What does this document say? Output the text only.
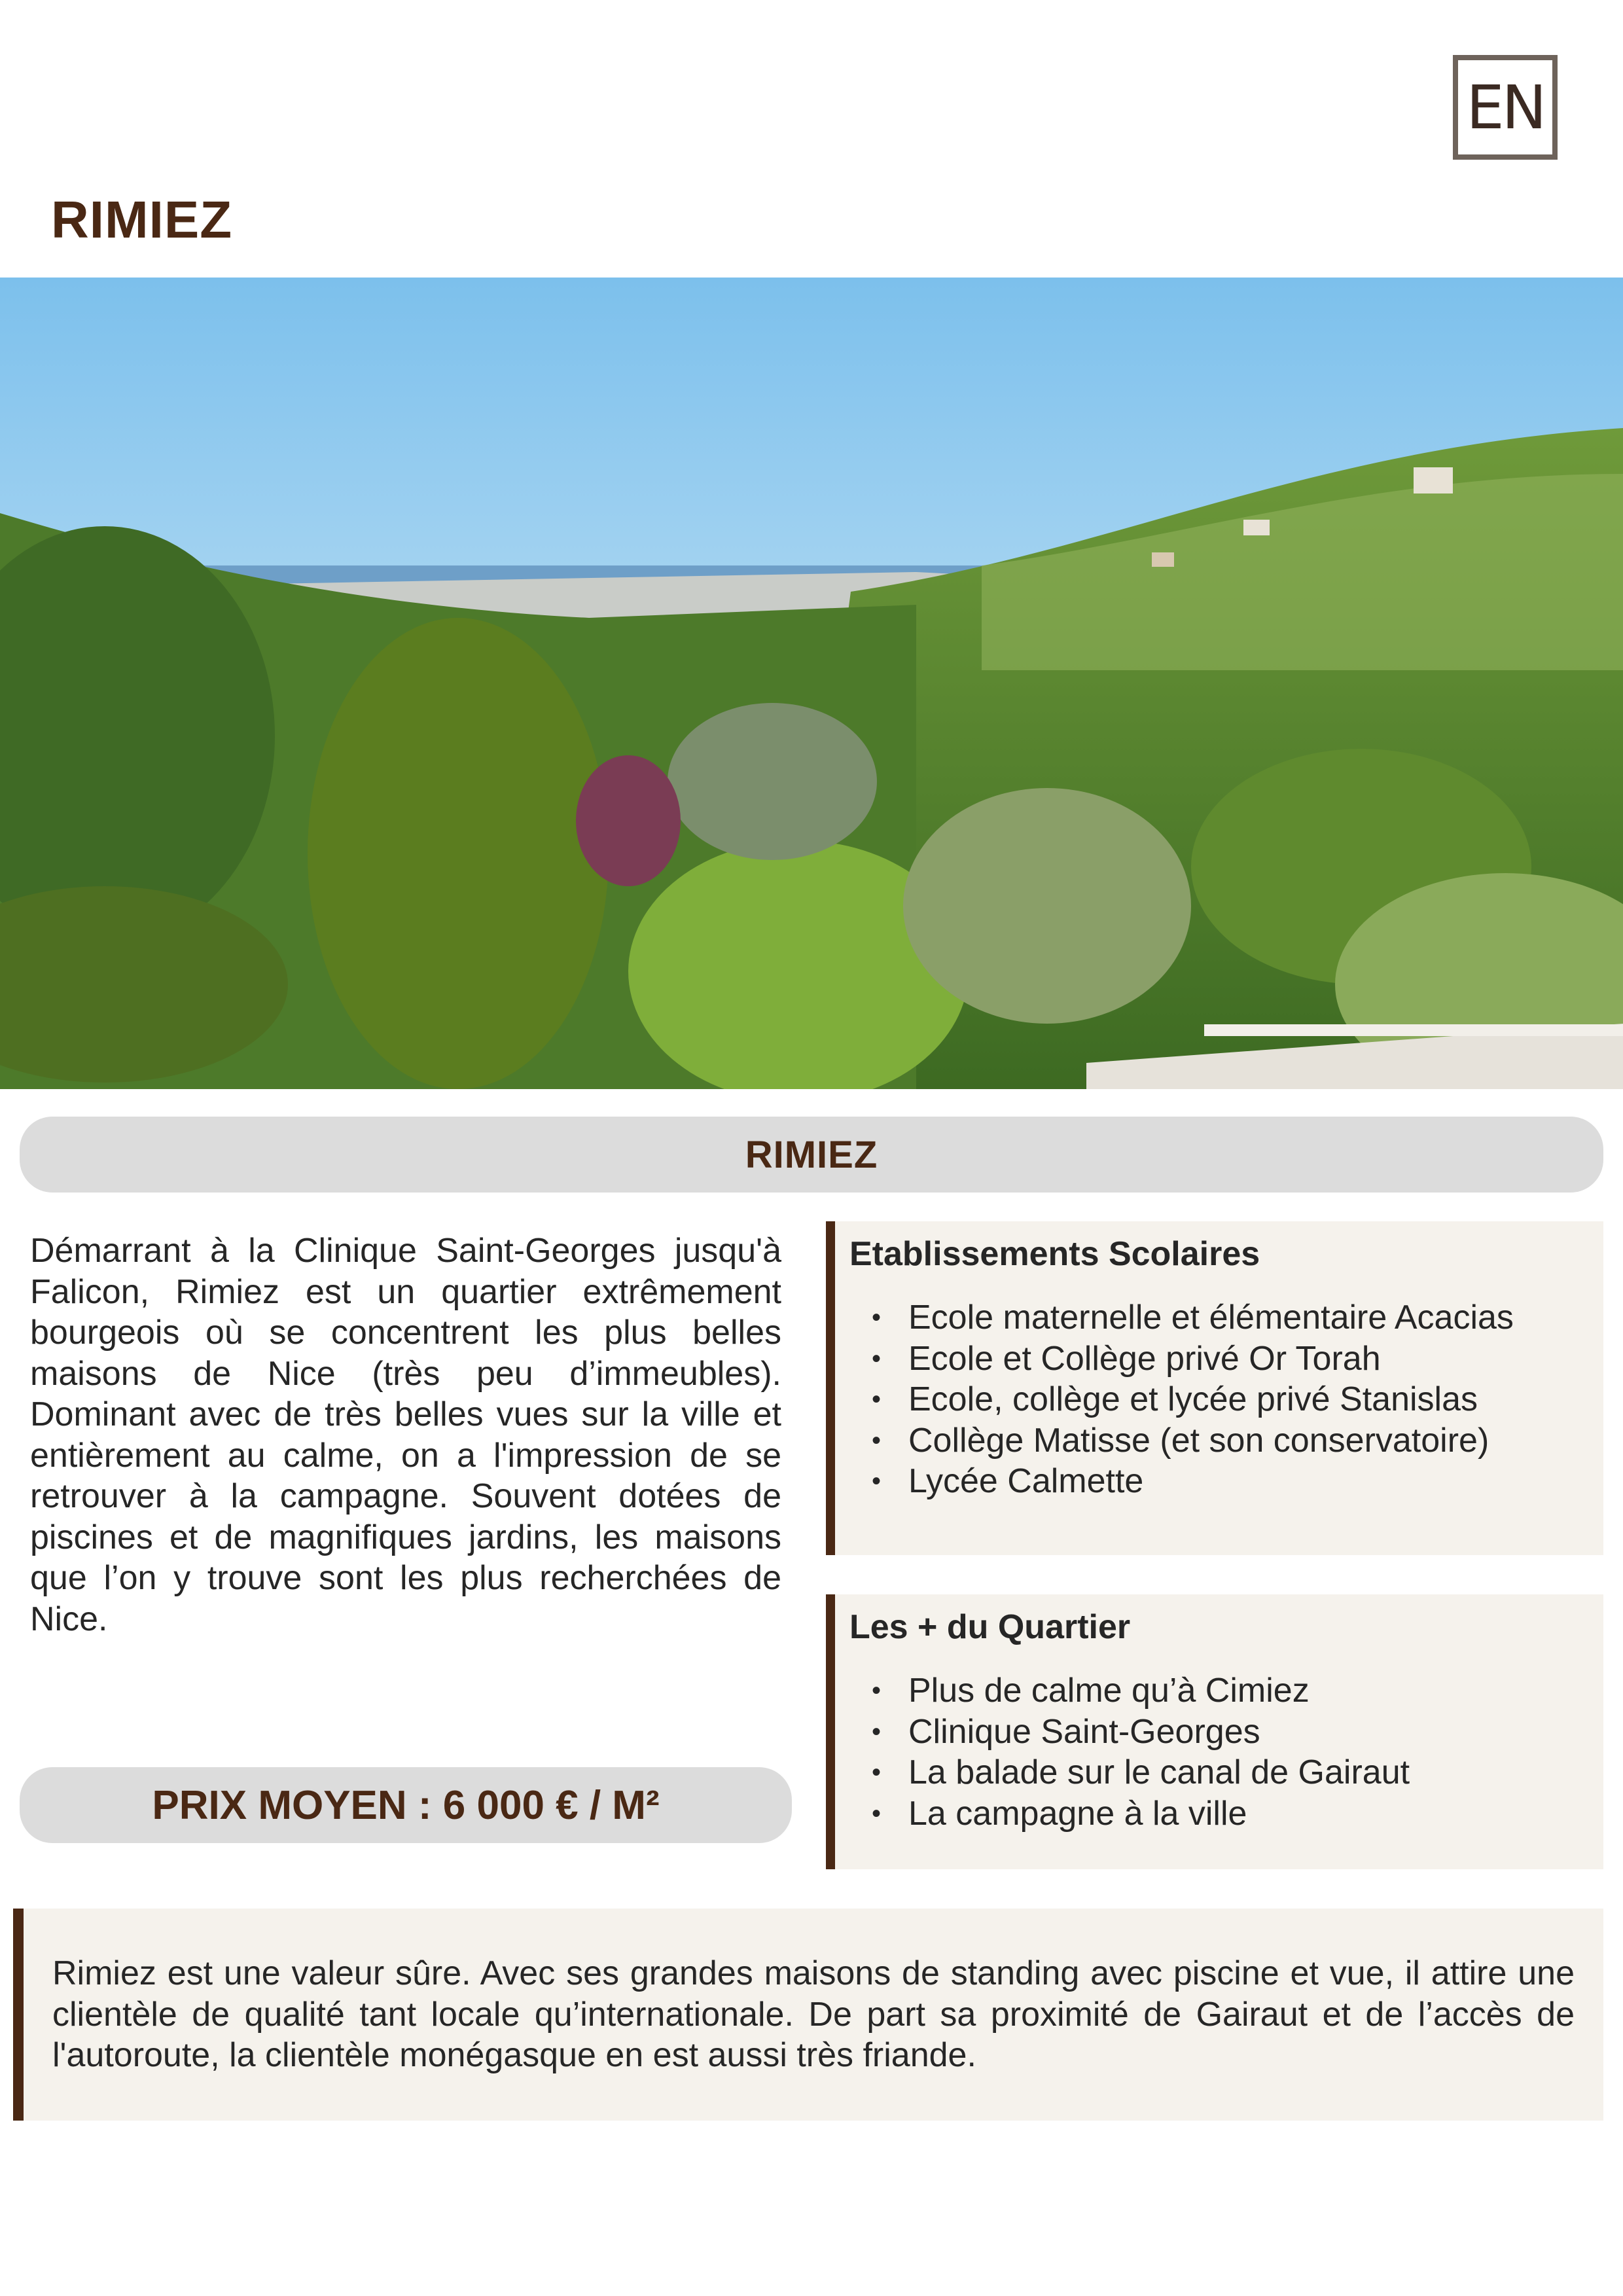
EN
RIMIEZ
RIMIEZ

Démarrant à la Clinique Saint-Georges jusqu'à Falicon, Rimiez est un quartier extrêmement bourgeois où se concentrent les plus belles maisons de Nice (très peu d’immeubles). Dominant avec de très belles vues sur la ville et entièrement au calme, on a l'impression de se retrouver à la campagne. Souvent dotées de piscines et de magnifiques jardins, les maisons que l’on y trouve sont les plus recherchées de Nice.

PRIX MOYEN : 6 000 € / M²
Etablissements Scolaires
• Ecole maternelle et élémentaire Acacias
• Ecole et Collège privé Or Torah
• Ecole, collège et lycée privé Stanislas
• Collège Matisse (et son conservatoire)
• Lycée Calmette
Les + du Quartier
• Plus de calme qu’à Cimiez
• Clinique Saint-Georges
• La balade sur le canal de Gairaut
• La campagne à la ville

Rimiez est une valeur sûre. Avec ses grandes maisons de standing avec piscine et vue, il attire une clientèle de qualité tant locale qu’internationale. De part sa proximité de Gairaut et de l’accès de l'autoroute, la clientèle monégasque en est aussi très friande.
